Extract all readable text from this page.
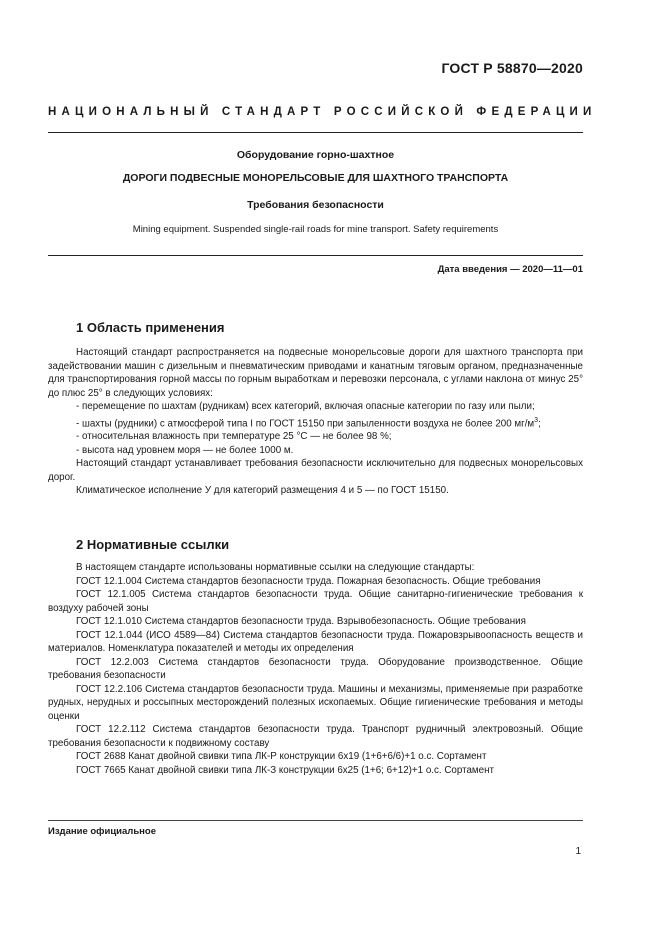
ГОСТ Р 58870—2020
НАЦИОНАЛЬНЫЙ СТАНДАРТ РОССИЙСКОЙ ФЕДЕРАЦИИ
Оборудование горно-шахтное
ДОРОГИ ПОДВЕСНЫЕ МОНОРЕЛЬСОВЫЕ ДЛЯ ШАХТНОГО ТРАНСПОРТА
Требования безопасности
Mining equipment. Suspended single-rail roads for mine transport. Safety requirements
Дата введения — 2020—11—01
1 Область применения

Настоящий стандарт распространяется на подвесные монорельсовые дороги для шахтного транспорта при задействовании машин с дизельным и пневматическим приводами и канатным тяговым органом, предназначенные для транспортирования горной массы по горным выработкам и перевозки персонала, с углами наклона от минус 25° до плюс 25° в следующих условиях:

- перемещение по шахтам (рудникам) всех категорий, включая опасные категории по газу или пыли;

- шахты (рудники) с атмосферой типа I по ГОСТ 15150 при запыленности воздуха не более 200 $мг/м^3$;

- относительная влажность при температуре 25 °C — не более 98 %;

- высота над уровнем моря — не более 1000 м.

Настоящий стандарт устанавливает требования безопасности исключительно для подвесных монорельсовых дорог.

Климатическое исполнение У для категорий размещения 4 и 5 — по ГОСТ 15150.

2 Нормативные ссылки

В настоящем стандарте использованы нормативные ссылки на следующие стандарты:

ГОСТ 12.1.004 Система стандартов безопасности труда. Пожарная безопасность. Общие требования

ГОСТ 12.1.005 Система стандартов безопасности труда. Общие санитарно-гигиенические требования к воздуху рабочей зоны

ГОСТ 12.1.010 Система стандартов безопасности труда. Взрывобезопасность. Общие требования

ГОСТ 12.1.044 (ИСО 4589—84) Система стандартов безопасности труда. Пожаровзрывоопасность веществ и материалов. Номенклатура показателей и методы их определения

ГОСТ 12.2.003 Система стандартов безопасности труда. Оборудование производственное. Общие требования безопасности

ГОСТ 12.2.106 Система стандартов безопасности труда. Машины и механизмы, применяемые при разработке рудных, нерудных и россыпных месторождений полезных ископаемых. Общие гигиенические требования и методы оценки

ГОСТ 12.2.112 Система стандартов безопасности труда. Транспорт рудничный электровозный. Общие требования безопасности к подвижному составу

ГОСТ 2688 Канат двойной свивки типа ЛК-Р конструкции 6х19 (1+6+6/6)+1 о.с. Сортамент

ГОСТ 7665 Канат двойной свивки типа ЛК-З конструкции 6х25 (1+6; 6+12)+1 о.с. Сортамент

Издание официальное
1
